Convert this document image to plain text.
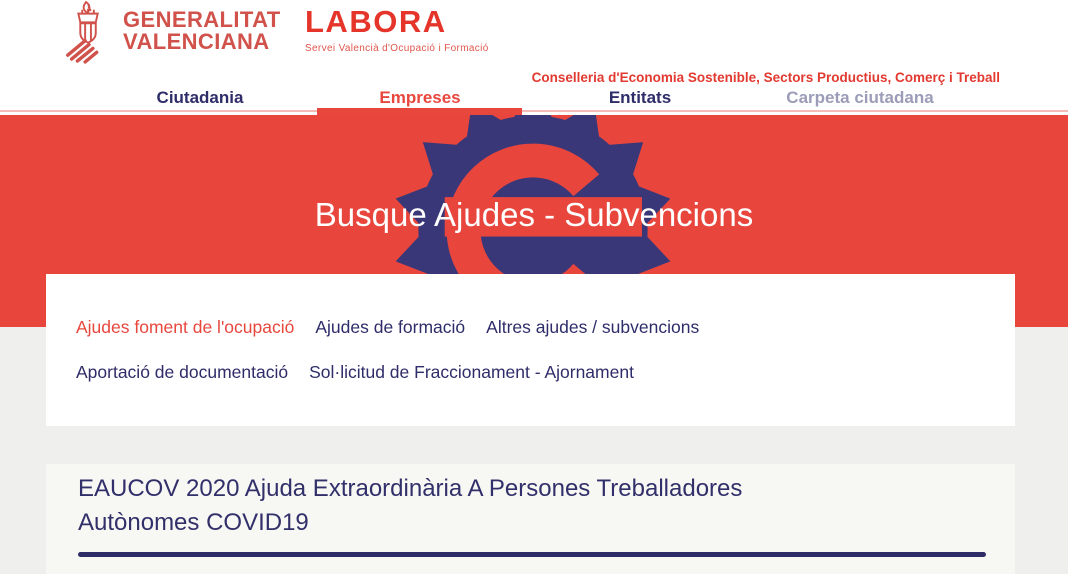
GENERALITAT
VALENCIANA
LABORA
Servei Valencià d'Ocupació i Formació
Conselleria d'Economia Sostenible, Sectors Productius, Comerç i Treball
Ciutadania	Empreses	Entitats	Carpeta ciutadana
Busque Ajudes - Subvencions
Ajudes foment de l'ocupació Ajudes de formació Altres ajudes / subvencions
Aportació de documentació Sol·licitud de Fraccionament - Ajornament
EAUCOV 2020 Ajuda Extraordinària A Persones Treballadores Autònomes COVID19
